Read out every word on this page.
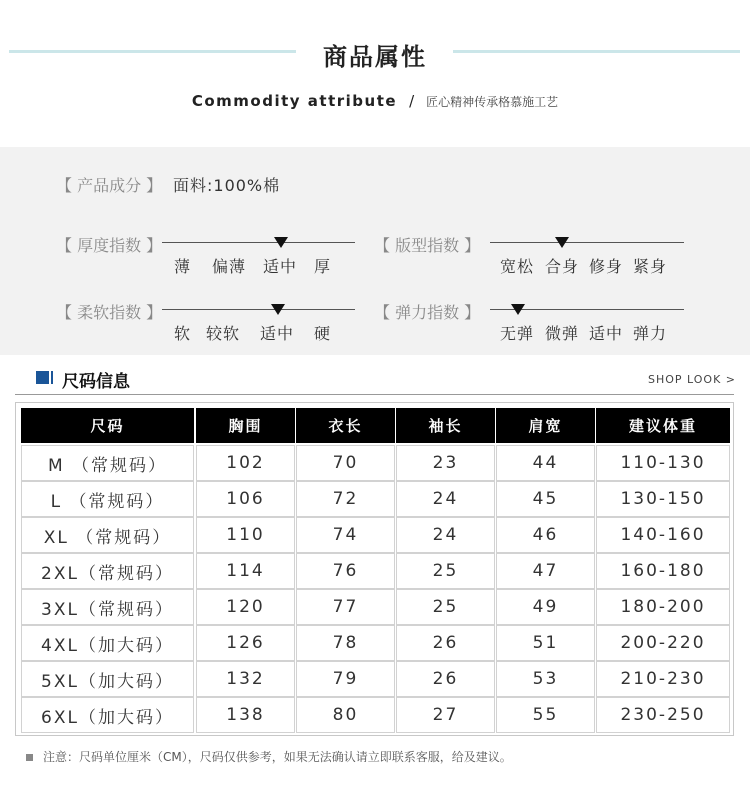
商品属性
Commodity attribute / 匠心精神传承格慕施工艺
【 产品成分 】 面料:100%棉
【 厚度指数 】
薄 偏薄 适中 厚
【 版型指数 】
宽松 合身 修身 紧身
【 柔软指数 】
软 较软 适中 硬
【 弹力指数 】
无弹 微弹 适中 弹力
尺码信息	SHOP LOOK >
尺码	胸围	衣长	袖长	肩宽	建议体重
M （常规码）	102	70	23	44	110-130
L （常规码）	106	72	24	45	130-150
XL （常规码）	110	74	24	46	140-160
2XL（常规码）	114	76	25	47	160-180
3XL（常规码）	120	77	25	49	180-200
4XL（加大码）	126	78	26	51	200-220
5XL（加大码）	132	79	26	53	210-230
6XL（加大码）	138	80	27	55	230-250
注意：尺码单位厘米（CM），尺码仅供参考，如果无法确认请立即联系客服，给及建议。
